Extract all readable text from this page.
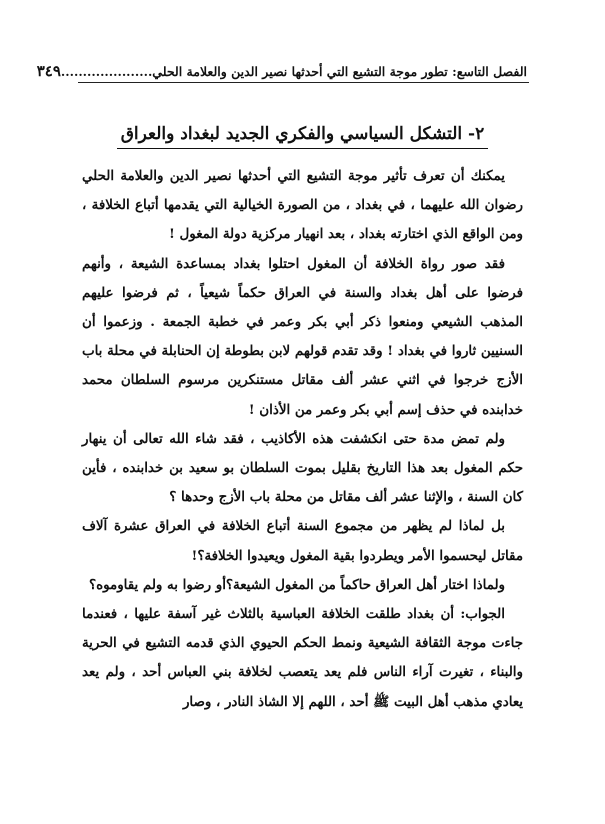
الفصل التاسع: تطور موجة التشيع التي أحدثها نصير الدين والعلامة الحلي.....................
٣٤٩
٢- التشكل السياسي والفكري الجديد لبغداد والعراق

يمكنك أن تعرف تأثير موجة التشيع التي أحدثها نصير الدين والعلامة الحلي رضوان الله عليهما ، في بغداد ، من الصورة الخيالية التي يقدمها أتباع الخلافة ، ومن الواقع الذي اختارته بغداد ، بعد انهيار مركزية دولة المغول !

فقد صور رواة الخلافة أن المغول احتلوا بغداد بمساعدة الشيعة ، وأنهم فرضوا على أهل بغداد والسنة في العراق حكماً شيعياً ، ثم فرضوا عليهم المذهب الشيعي ومنعوا ذكر أبي بكر وعمر في خطبة الجمعة . وزعموا أن السنيين ثاروا في بغداد ! وقد تقدم قولهم لابن بطوطة إن الحنابلة في محلة باب الأزج خرجوا في اثني عشر ألف مقاتل مستنكرين مرسوم السلطان محمد خدابنده في حذف إسم أبي بكر وعمر من الأذان !

ولم تمض مدة حتى انكشفت هذه الأكاذيب ، فقد شاء الله تعالى أن ينهار حكم المغول بعد هذا التاريخ بقليل بموت السلطان بو سعيد بن خدابنده ، فأين كان السنة ، والإثنا عشر ألف مقاتل من محلة باب الأزج وحدها ؟

بل لماذا لم يظهر من مجموع السنة أتباع الخلافة في العراق عشرة آلاف مقاتل ليحسموا الأمر ويطردوا بقية المغول ويعيدوا الخلافة؟!

ولماذا اختار أهل العراق حاكماً من المغول الشيعة؟أو رضوا به ولم يقاوموه؟

الجواب: أن بغداد طلقت الخلافة العباسية بالثلاث غير آسفة عليها ، فعندما جاءت موجة الثقافة الشيعية ونمط الحكم الحيوي الذي قدمه التشيع في الحرية والبناء ، تغيرت آراء الناس فلم يعد يتعصب لخلافة بني العباس أحد ، ولم يعد يعادي مذهب أهل البيت ﷺ أحد ، اللهم إلا الشاذ النادر ، وصار
